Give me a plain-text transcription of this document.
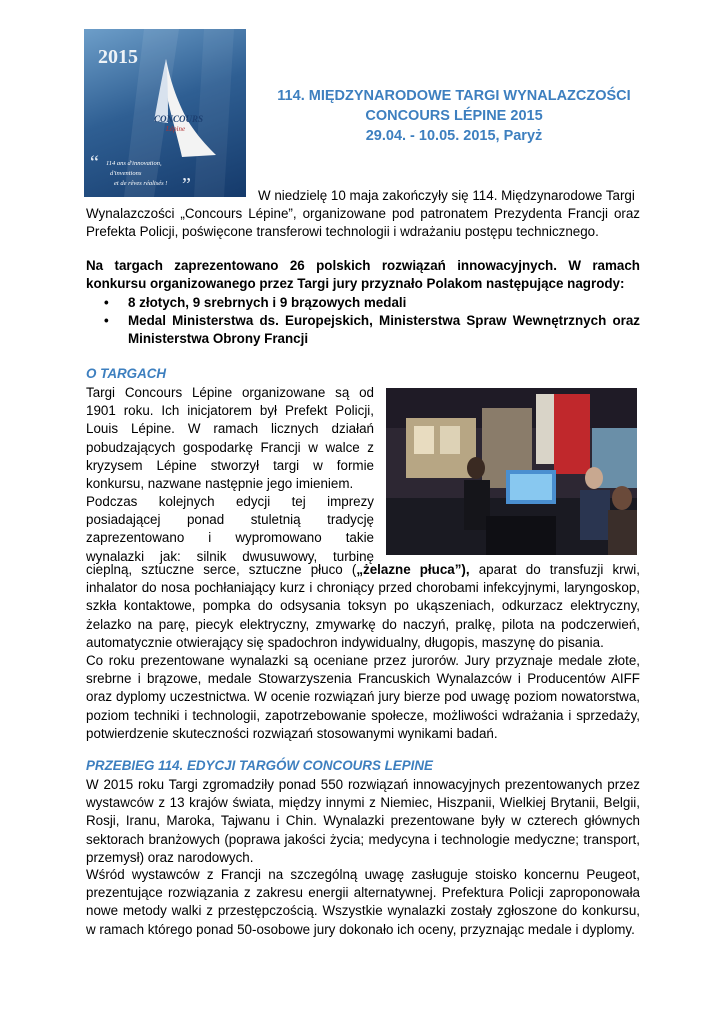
2015
CONCOURS
Lépine
“ 114 ans d'innovation,
d'inventions
et de rêves réalisés ! ”
114. MIĘDZYNARODOWE TARGI WYNALAZCZOŚCI
CONCOURS LÉPINE 2015
29.04. - 10.05. 2015, Paryż
W niedzielę 10 maja zakończyły się 114. Międzynarodowe Targi
Wynalazczości „Concours Lépine”, organizowane pod patronatem Prezydenta Francji oraz Prefekta Policji, poświęcone transferowi technologii i wdrażaniu postępu technicznego.
Na targach zaprezentowano 26 polskich rozwiązań innowacyjnych. W ramach konkursu organizowanego przez Targi jury przyznało Polakom następujące nagrody:
• 8 złotych, 9 srebrnych i 9 brązowych medali
• Medal Ministerstwa ds. Europejskich, Ministerstwa Spraw Wewnętrznych oraz Ministerstwa Obrony Francji
O TARGACH
Targi Concours Lépine organizowane są od 1901 roku. Ich inicjatorem był Prefekt Policji, Louis Lépine. W ramach licznych działań pobudzających gospodarkę Francji w walce z kryzysem Lépine stworzył targi w formie konkursu, nazwane następnie jego imieniem.
Podczas kolejnych edycji tej imprezy posiadającej ponad stuletnią tradycję zaprezentowano i wypromowano takie wynalazki jak: silnik dwusuwowy, turbinę
cieplną, sztuczne serce, sztuczne płuco („żelazne płuca”), aparat do transfuzji krwi, inhalator do nosa pochłaniający kurz i chroniący przed chorobami infekcyjnymi, laryngoskop, szkła kontaktowe, pompka do odsysania toksyn po ukąszeniach, odkurzacz elektryczny, żelazko na parę, piecyk elektryczny, zmywarkę do naczyń, pralkę, pilota na podczerwień, automatycznie otwierający się spadochron indywidualny, długopis, maszynę do pisania.
Co roku prezentowane wynalazki są oceniane przez jurorów. Jury przyznaje medale złote, srebrne i brązowe, medale Stowarzyszenia Francuskich Wynalazców i Producentów AIFF oraz dyplomy uczestnictwa. W ocenie rozwiązań jury bierze pod uwagę poziom nowatorstwa, poziom techniki i technologii, zapotrzebowanie społecze, możliwości wdrażania i sprzedaży, potwierdzenie skuteczności rozwiązań stosowanymi wynikami badań.
PRZEBIEG 114. EDYCJI TARGÓW CONCOURS LEPINE
W 2015 roku Targi zgromadziły ponad 550 rozwiązań innowacyjnych prezentowanych przez wystawców z 13 krajów świata, między innymi z Niemiec, Hiszpanii, Wielkiej Brytanii, Belgii, Rosji, Iranu, Maroka, Tajwanu i Chin. Wynalazki prezentowane były w czterech głównych sektorach branżowych (poprawa jakości życia; medycyna i technologie medyczne; transport, przemysł) oraz narodowych.
Wśród wystawców z Francji na szczególną uwagę zasługuje stoisko koncernu Peugeot, prezentujące rozwiązania z zakresu energii alternatywnej. Prefektura Policji zaproponowała nowe metody walki z przestępczością. Wszystkie wynalazki zostały zgłoszone do konkursu, w ramach którego ponad 50-osobowe jury dokonało ich oceny, przyznając medale i dyplomy.
